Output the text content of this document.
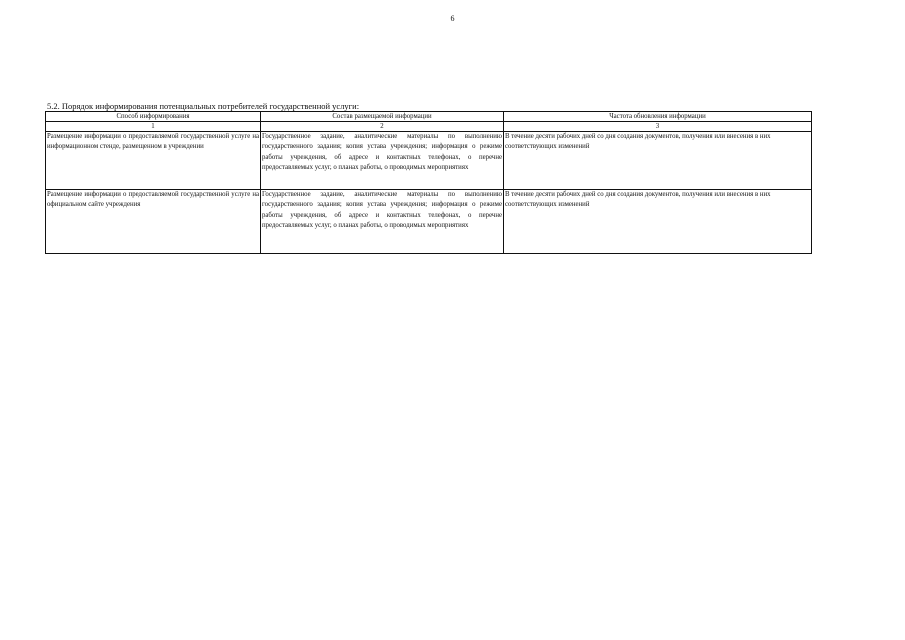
6
5.2. Порядок информирования потенциальных потребителей государственной услуги:
Способ информирования	Состав размещаемой информации	Частота обновления информации
1	2	3
Размещение информации о предоставляемой государственной услуге на информационном стенде, размещенном в учреждении	Государственное задание, аналитические материалы по выполнению государственного задания; копия устава учреждения; информация о режиме работы учреждения, об адресе и контактных телефонах, о перечне предоставляемых услуг, о планах работы, о проводимых мероприятиях	В течение десяти рабочих дней со дня создания документов, получения или внесения в них соответствующих изменений
Размещение информации о предоставляемой государственной услуге на официальном сайте учреждения	Государственное задание, аналитические материалы по выполнению государственного задания; копия устава учреждения; информация о режиме работы учреждения, об адресе и контактных телефонах, о перечне предоставляемых услуг, о планах работы, о проводимых мероприятиях	В течение десяти рабочих дней со дня создания документов, получения или внесения в них соответствующих изменений
